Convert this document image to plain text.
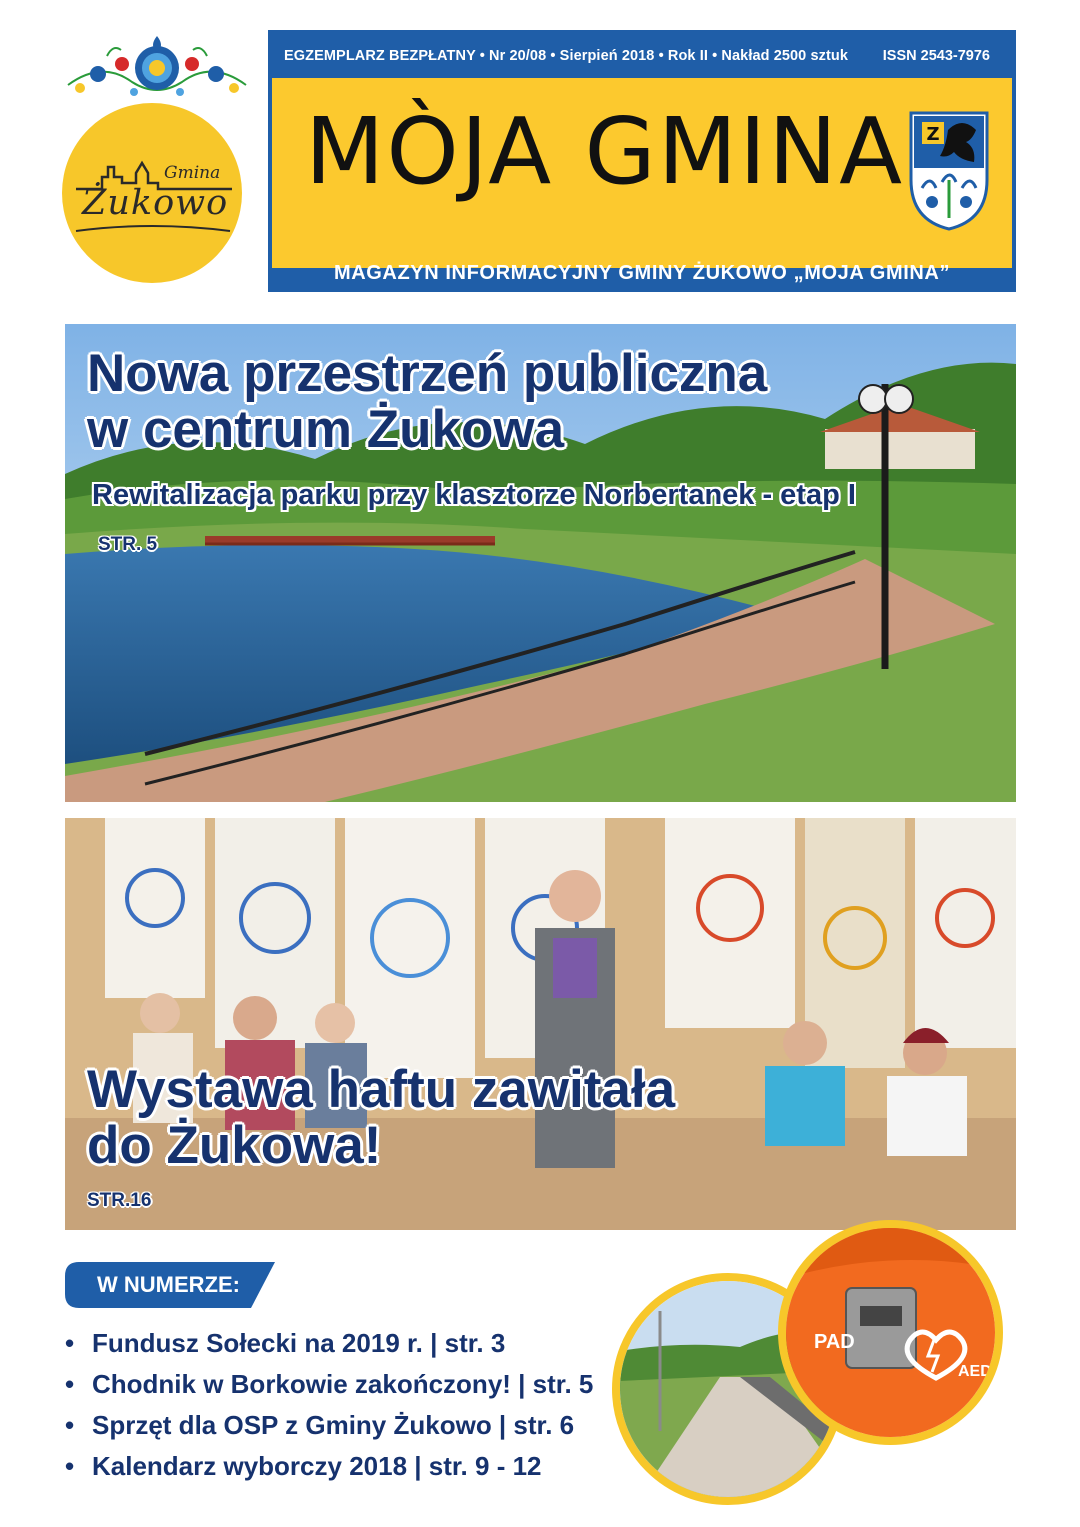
Gmina
Żukowo
EGZEMPLARZ BEZPŁATNY • Nr 20/08 • Sierpień 2018 • Rok II • Nakład 2500 sztuk ISSN 2543-7976
MÒJA GMINA Z
MAGAZYN INFORMACYJNY GMINY ŻUKOWO „MOJA GMINA”
Nowa przestrzeń publiczna
w centrum Żukowa
Rewitalizacja parku przy klasztorze Norbertanek - etap I
STR. 5
Wystawa haftu zawitała
do Żukowa!
STR.16
W NUMERZE:
• Fundusz Sołecki na 2019 r. | str. 3
• Chodnik w Borkowie zakończony! | str. 5
• Sprzęt dla OSP z Gminy Żukowo | str. 6
• Kalendarz wyborczy 2018 | str. 9 - 12
PAD
AED
